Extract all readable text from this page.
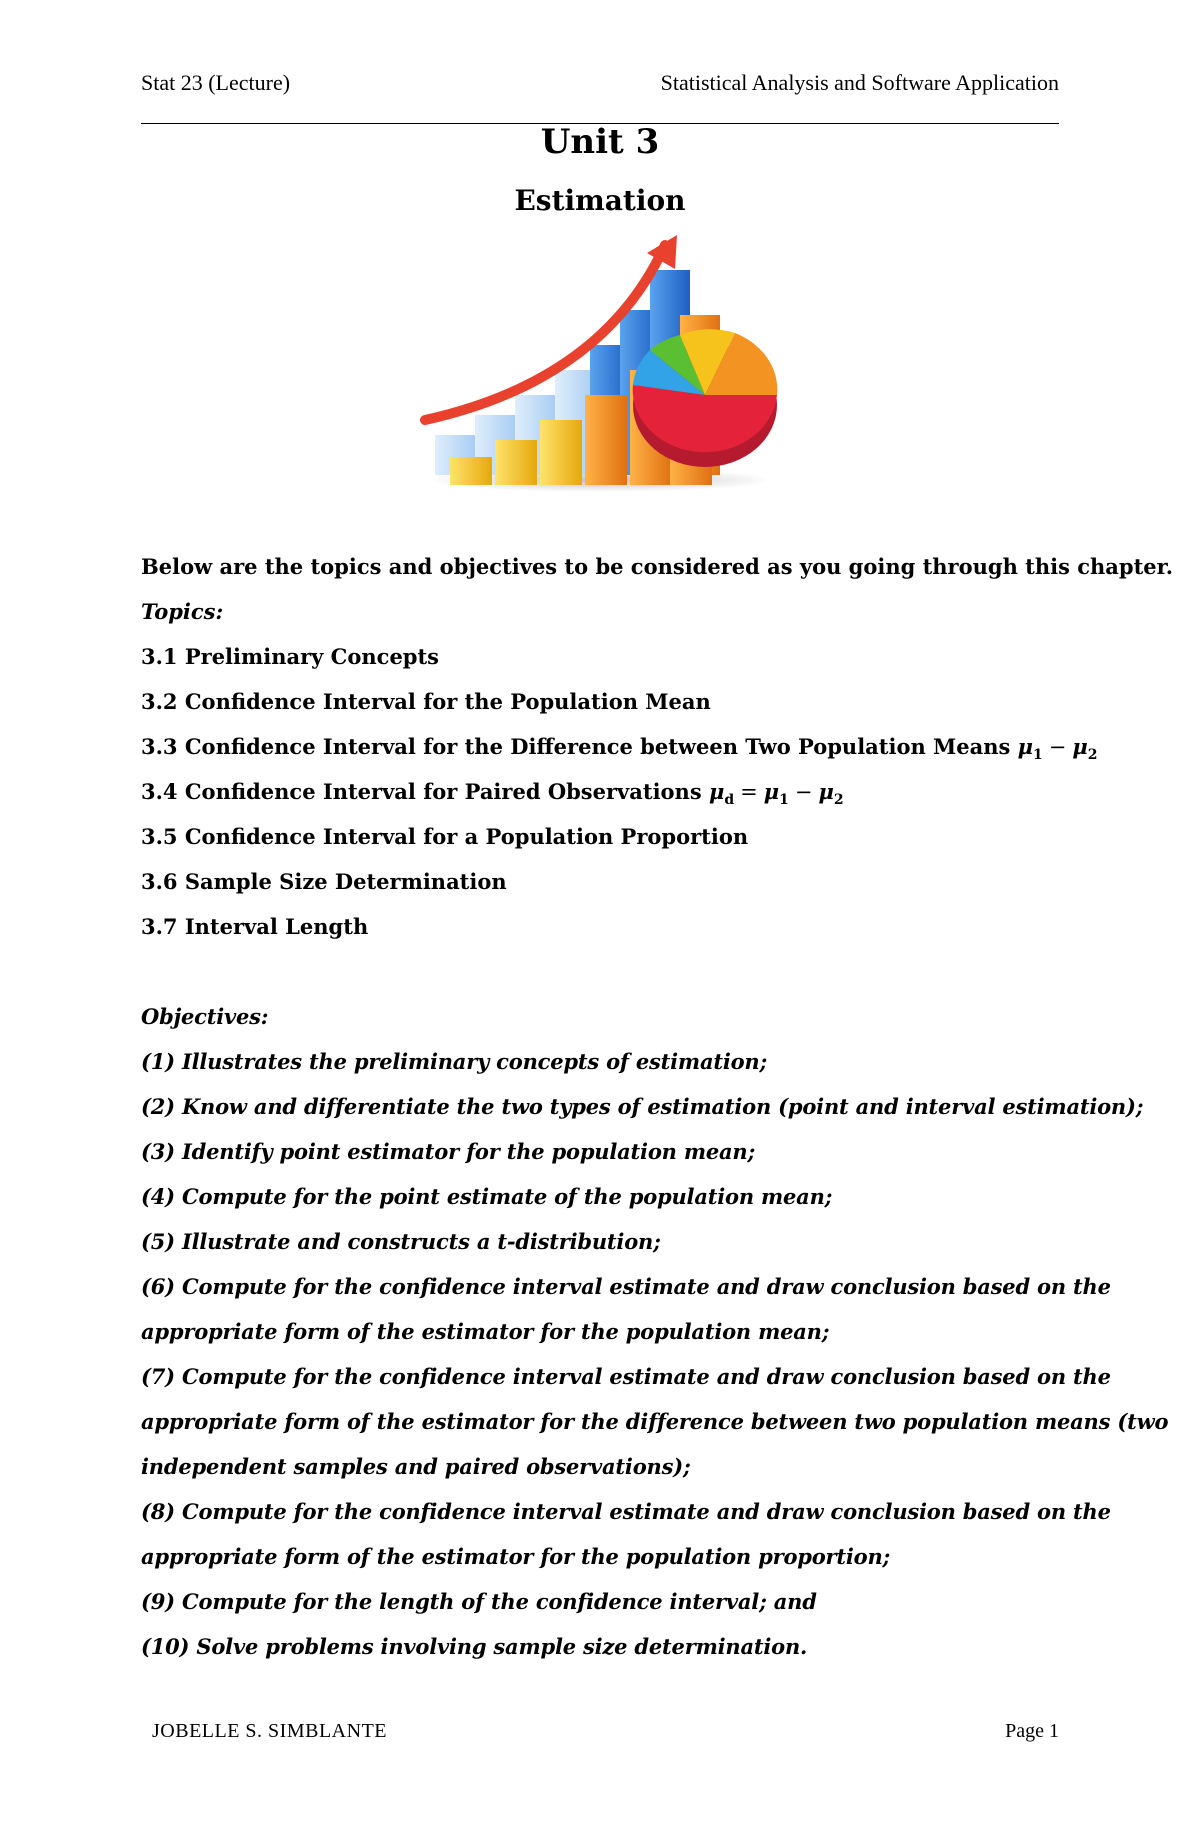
Stat 23 (Lecture)	Statistical Analysis and Software Application
Unit 3
Estimation
Below are the topics and objectives to be considered as you going through this chapter.
Topics:
3.1 Preliminary Concepts
3.2 Confidence Interval for the Population Mean
3.3 Confidence Interval for the Difference between Two Population Means $\mu_1 - \mu_2$
3.4 Confidence Interval for Paired Observations $\mu_d = \mu_1 - \mu_2$
3.5 Confidence Interval for a Population Proportion
3.6 Sample Size Determination
3.7 Interval Length
Objectives:
(1) Illustrates the preliminary concepts of estimation;
(2) Know and differentiate the two types of estimation (point and interval estimation);
(3) Identify point estimator for the population mean;
(4) Compute for the point estimate of the population mean;
(5) Illustrate and constructs a t-distribution;
(6) Compute for the confidence interval estimate and draw conclusion based on the
appropriate form of the estimator for the population mean;
(7) Compute for the confidence interval estimate and draw conclusion based on the
appropriate form of the estimator for the difference between two population means (two
independent samples and paired observations);
(8) Compute for the confidence interval estimate and draw conclusion based on the
appropriate form of the estimator for the population proportion;
(9) Compute for the length of the confidence interval; and
(10) Solve problems involving sample size determination.
JOBELLE S. SIMBLANTE	Page 1
